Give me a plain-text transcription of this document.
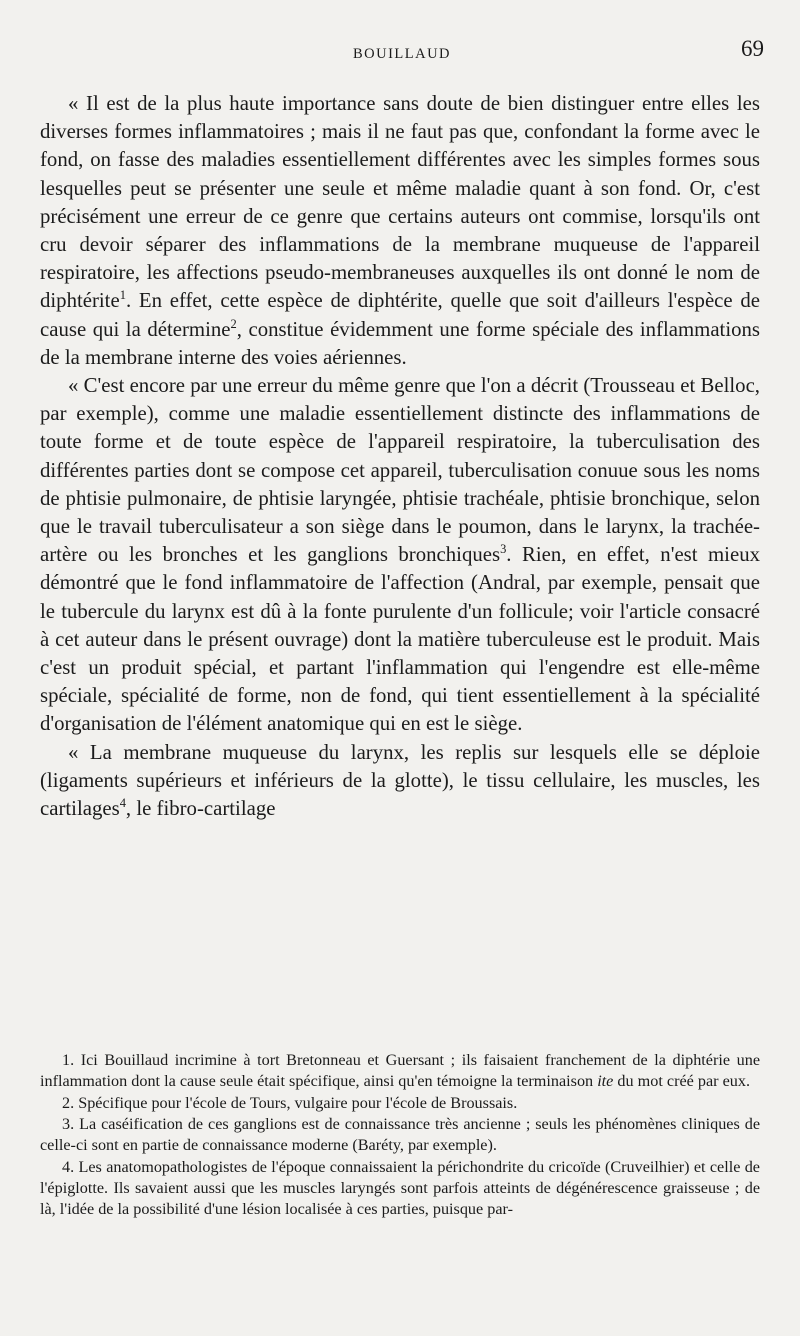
BOUILLAUD	69

« Il est de la plus haute importance sans doute de bien distinguer entre elles les diverses formes inflammatoires ; mais il ne faut pas que, confondant la forme avec le fond, on fasse des maladies essentiellement différentes avec les simples formes sous lesquelles peut se présenter une seule et même maladie quant à son fond. Or, c'est précisément une erreur de ce genre que certains auteurs ont commise, lorsqu'ils ont cru devoir séparer des inflammations de la membrane muqueuse de l'appareil respiratoire, les affections pseudo-membraneuses auxquelles ils ont donné le nom de diphtérite$^1$. En effet, cette espèce de diphtérite, quelle que soit d'ailleurs l'espèce de cause qui la détermine$^2$, constitue évidemment une forme spéciale des inflammations de la membrane interne des voies aériennes.

« C'est encore par une erreur du même genre que l'on a décrit (Trousseau et Belloc, par exemple), comme une maladie essentiellement distincte des inflammations de toute forme et de toute espèce de l'appareil respiratoire, la tuberculisation des différentes parties dont se compose cet appareil, tuberculisation conuue sous les noms de phtisie pulmonaire, de phtisie laryngée, phtisie trachéale, phtisie bronchique, selon que le travail tuberculisateur a son siège dans le poumon, dans le larynx, la trachée-artère ou les bronches et les ganglions bronchiques$^3$. Rien, en effet, n'est mieux démontré que le fond inflammatoire de l'affection (Andral, par exemple, pensait que le tubercule du larynx est dû à la fonte purulente d'un follicule; voir l'article consacré à cet auteur dans le présent ouvrage) dont la matière tuberculeuse est le produit. Mais c'est un produit spécial, et partant l'inflammation qui l'engendre est elle-même spéciale, spécialité de forme, non de fond, qui tient essentiellement à la spécialité d'organisation de l'élément anatomique qui en est le siège.

« La membrane muqueuse du larynx, les replis sur lesquels elle se déploie (ligaments supérieurs et inférieurs de la glotte), le tissu cellulaire, les muscles, les cartilages$^4$, le fibro-cartilage

1. Ici Bouillaud incrimine à tort Bretonneau et Guersant ; ils faisaient franchement de la diphtérie une inflammation dont la cause seule était spécifique, ainsi qu'en témoigne la terminaison ite du mot créé par eux.

2. Spécifique pour l'école de Tours, vulgaire pour l'école de Broussais.

3. La caséification de ces ganglions est de connaissance très ancienne ; seuls les phénomènes cliniques de celle-ci sont en partie de connaissance moderne (Baréty, par exemple).

4. Les anatomopathologistes de l'époque connaissaient la périchondrite du cricoïde (Cruveilhier) et celle de l'épiglotte. Ils savaient aussi que les muscles laryngés sont parfois atteints de dégénérescence graisseuse ; de là, l'idée de la possibilité d'une lésion localisée à ces parties, puisque par-
